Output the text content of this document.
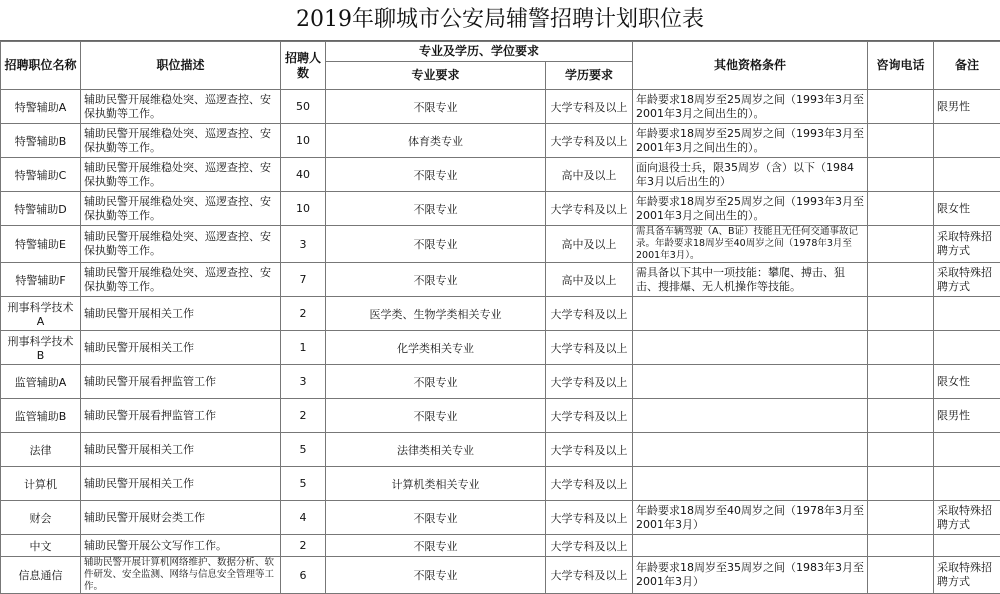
2019年聊城市公安局辅警招聘计划职位表
招聘职位名称	职位描述	招聘人数	专业及学历、学位要求		其他资格条件	咨询电话	备注
			专业要求	学历要求			
特警辅助A	辅助民警开展维稳处突、巡逻查控、安保执勤等工作。	50	不限专业	大学专科及以上	年龄要求18周岁至25周岁之间（1993年3月至2001年3月之间出生的）。		限男性
特警辅助B	辅助民警开展维稳处突、巡逻查控、安保执勤等工作。	10	体育类专业	大学专科及以上	年龄要求18周岁至25周岁之间（1993年3月至2001年3月之间出生的）。		
特警辅助C	辅助民警开展维稳处突、巡逻查控、安保执勤等工作。	40	不限专业	高中及以上	面向退役士兵，限35周岁（含）以下（1984年3月以后出生的）		
特警辅助D	辅助民警开展维稳处突、巡逻查控、安保执勤等工作。	10	不限专业	大学专科及以上	年龄要求18周岁至25周岁之间（1993年3月至2001年3月之间出生的）。		限女性
特警辅助E	辅助民警开展维稳处突、巡逻查控、安保执勤等工作。	3	不限专业	高中及以上	需具备车辆驾驶（A、B证）技能且无任何交通事故记录。年龄要求18周岁至40周岁之间（1978年3月至2001年3月）。		采取特殊招聘方式
特警辅助F	辅助民警开展维稳处突、巡逻查控、安保执勤等工作。	7	不限专业	高中及以上	需具备以下其中一项技能：攀爬、搏击、狙击、搜排爆、无人机操作等技能。		采取特殊招聘方式
刑事科学技术A	辅助民警开展相关工作	2	医学类、生物学类相关专业	大学专科及以上			
刑事科学技术B	辅助民警开展相关工作	1	化学类相关专业	大学专科及以上			
监管辅助A	辅助民警开展看押监管工作	3	不限专业	大学专科及以上			限女性
监管辅助B	辅助民警开展看押监管工作	2	不限专业	大学专科及以上			限男性
法律	辅助民警开展相关工作	5	法律类相关专业	大学专科及以上			
计算机	辅助民警开展相关工作	5	计算机类相关专业	大学专科及以上			
财会	辅助民警开展财会类工作	4	不限专业	大学专科及以上	年龄要求18周岁至40周岁之间（1978年3月至2001年3月）		采取特殊招聘方式
中文	辅助民警开展公文写作工作。	2	不限专业	大学专科及以上			
信息通信	辅助民警开展计算机网络维护、数据分析、软件研发、安全监测、网络与信息安全管理等工作。	6	不限专业	大学专科及以上	年龄要求18周岁至35周岁之间（1983年3月至2001年3月）		采取特殊招聘方式
